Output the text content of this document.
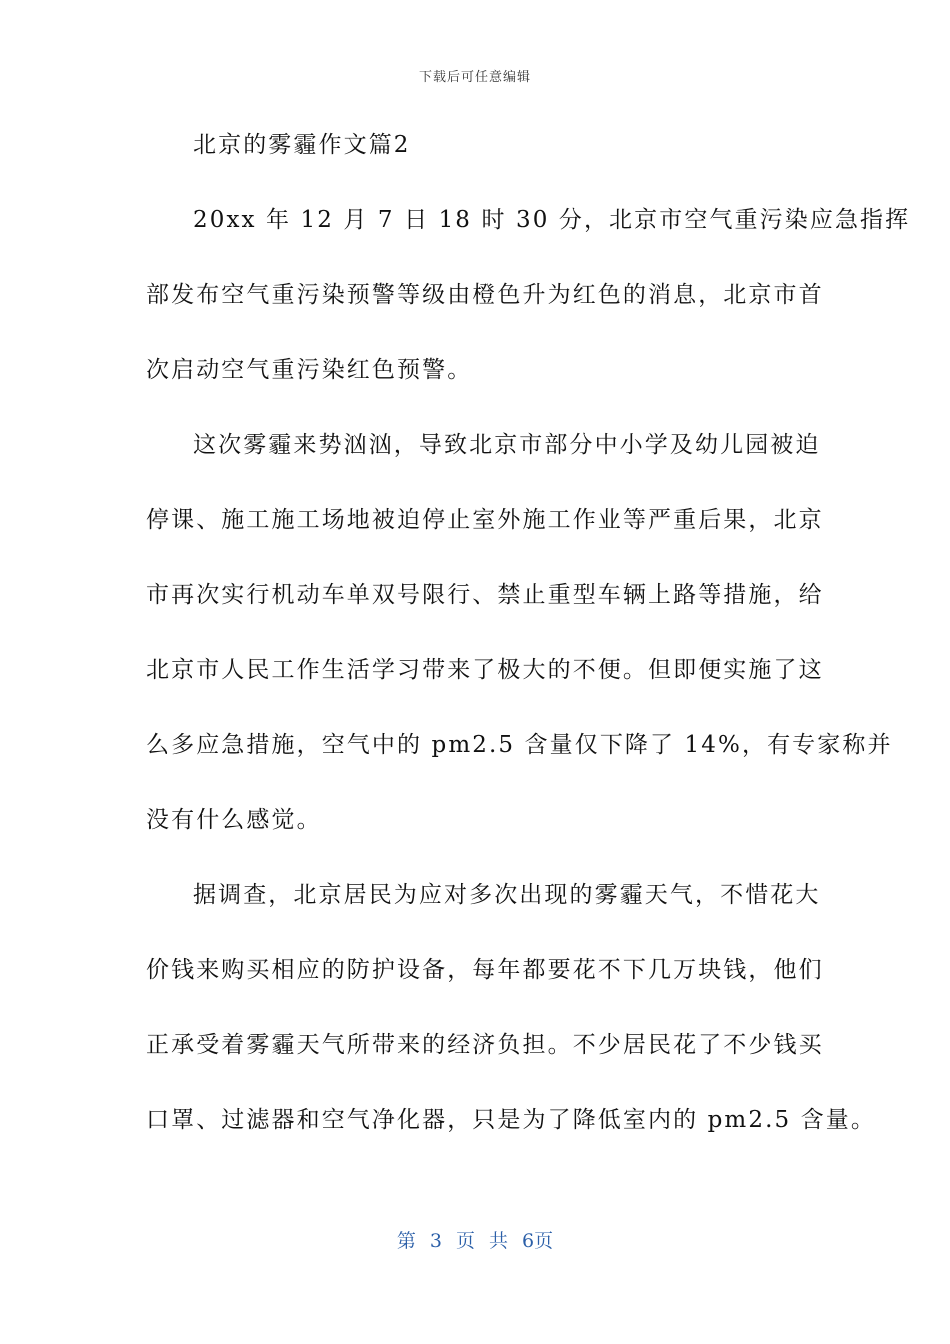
下载后可任意编辑
北京的雾霾作文篇2
20xx 年 12 月 7 日 18 时 30 分，北京市空气重污染应急指挥
部发布空气重污染预警等级由橙色升为红色的消息，北京市首
次启动空气重污染红色预警。
这次雾霾来势汹汹，导致北京市部分中小学及幼儿园被迫
停课、施工施工场地被迫停止室外施工作业等严重后果，北京
市再次实行机动车单双号限行、禁止重型车辆上路等措施，给
北京市人民工作生活学习带来了极大的不便。但即便实施了这
么多应急措施，空气中的 pm2.5 含量仅下降了 14%，有专家称并
没有什么感觉。
据调查，北京居民为应对多次出现的雾霾天气，不惜花大
价钱来购买相应的防护设备，每年都要花不下几万块钱，他们
正承受着雾霾天气所带来的经济负担。不少居民花了不少钱买
口罩、过滤器和空气净化器，只是为了降低室内的 pm2.5 含量。
第 3 页 共 6页
